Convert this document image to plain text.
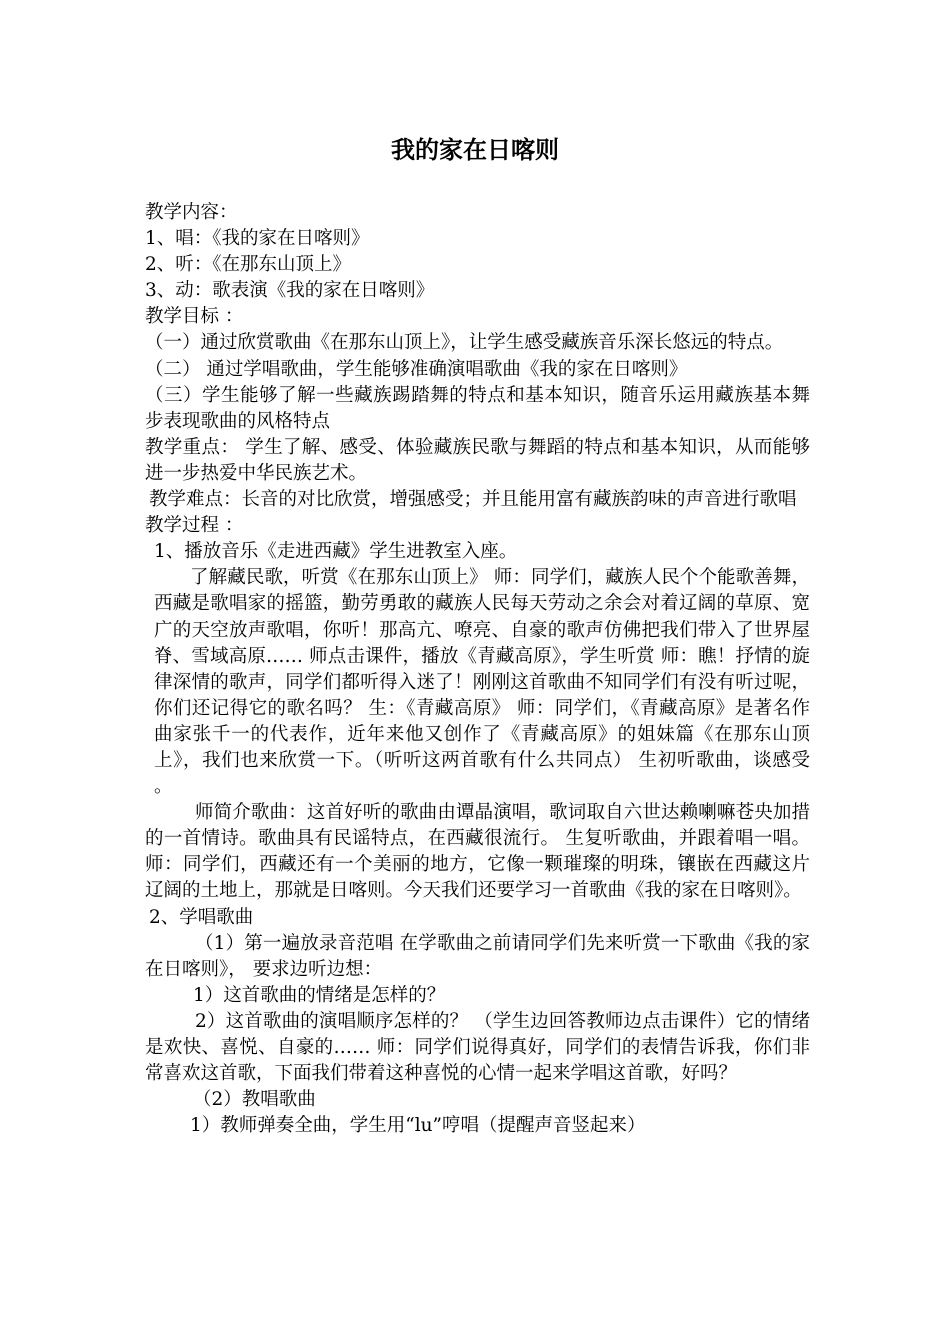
我的家在日喀则

教学内容：

1、唱：《我的家在日喀则》

2、听：《在那东山顶上》

3、动：歌表演《我的家在日喀则》

教学目标 ：

（一）通过欣赏歌曲《在那东山顶上》，让学生感受藏族音乐深长悠远的特点。

（二） 通过学唱歌曲，学生能够准确演唱歌曲《我的家在日喀则》

（三）学生能够了解一些藏族踢踏舞的特点和基本知识，随音乐运用藏族基本舞步表现歌曲的风格特点

教学重点： 学生了解、感受、体验藏族民歌与舞蹈的特点和基本知识，从而能够进一步热爱中华民族艺术。

教学难点：长音的对比欣赏，增强感受；并且能用富有藏族韵味的声音进行歌唱

教学过程 ：

1、播放音乐《走进西藏》学生进教室入座。

了解藏民歌，听赏《在那东山顶上》 师：同学们，藏族人民个个能歌善舞，西藏是歌唱家的摇篮，勤劳勇敢的藏族人民每天劳动之余会对着辽阔的草原、宽广的天空放声歌唱，你听！那高亢、嘹亮、自豪的歌声仿佛把我们带入了世界屋脊、雪域高原…… 师点击课件，播放《青藏高原》，学生听赏 师：瞧！抒情的旋律深情的歌声，同学们都听得入迷了！刚刚这首歌曲不知同学们有没有听过呢，你们还记得它的歌名吗？ 生：《青藏高原》 师：同学们，《青藏高原》是著名作曲家张千一的代表作，近年来他又创作了《青藏高原》的姐妹篇《在那东山顶上》，我们也来欣赏一下。（听听这两首歌有什么共同点） 生初听歌曲，谈感受 。

师简介歌曲：这首好听的歌曲由谭晶演唱，歌词取自六世达赖喇嘛苍央加措的一首情诗。歌曲具有民谣特点，在西藏很流行。 生复听歌曲，并跟着唱一唱。 师：同学们，西藏还有一个美丽的地方，它像一颗璀璨的明珠，镶嵌在西藏这片辽阔的土地上，那就是日喀则。今天我们还要学习一首歌曲《我的家在日喀则》。

2、学唱歌曲

（1）第一遍放录音范唱 在学歌曲之前请同学们先来听赏一下歌曲《我的家在日喀则》， 要求边听边想：

1）这首歌曲的情绪是怎样的？

2）这首歌曲的演唱顺序怎样的？ （学生边回答教师边点击课件）它的情绪是欢快、喜悦、自豪的…… 师：同学们说得真好，同学们的表情告诉我，你们非常喜欢这首歌，下面我们带着这种喜悦的心情一起来学唱这首歌，好吗？

（2）教唱歌曲

1）教师弹奏全曲，学生用“lu”哼唱（提醒声音竖起来）
